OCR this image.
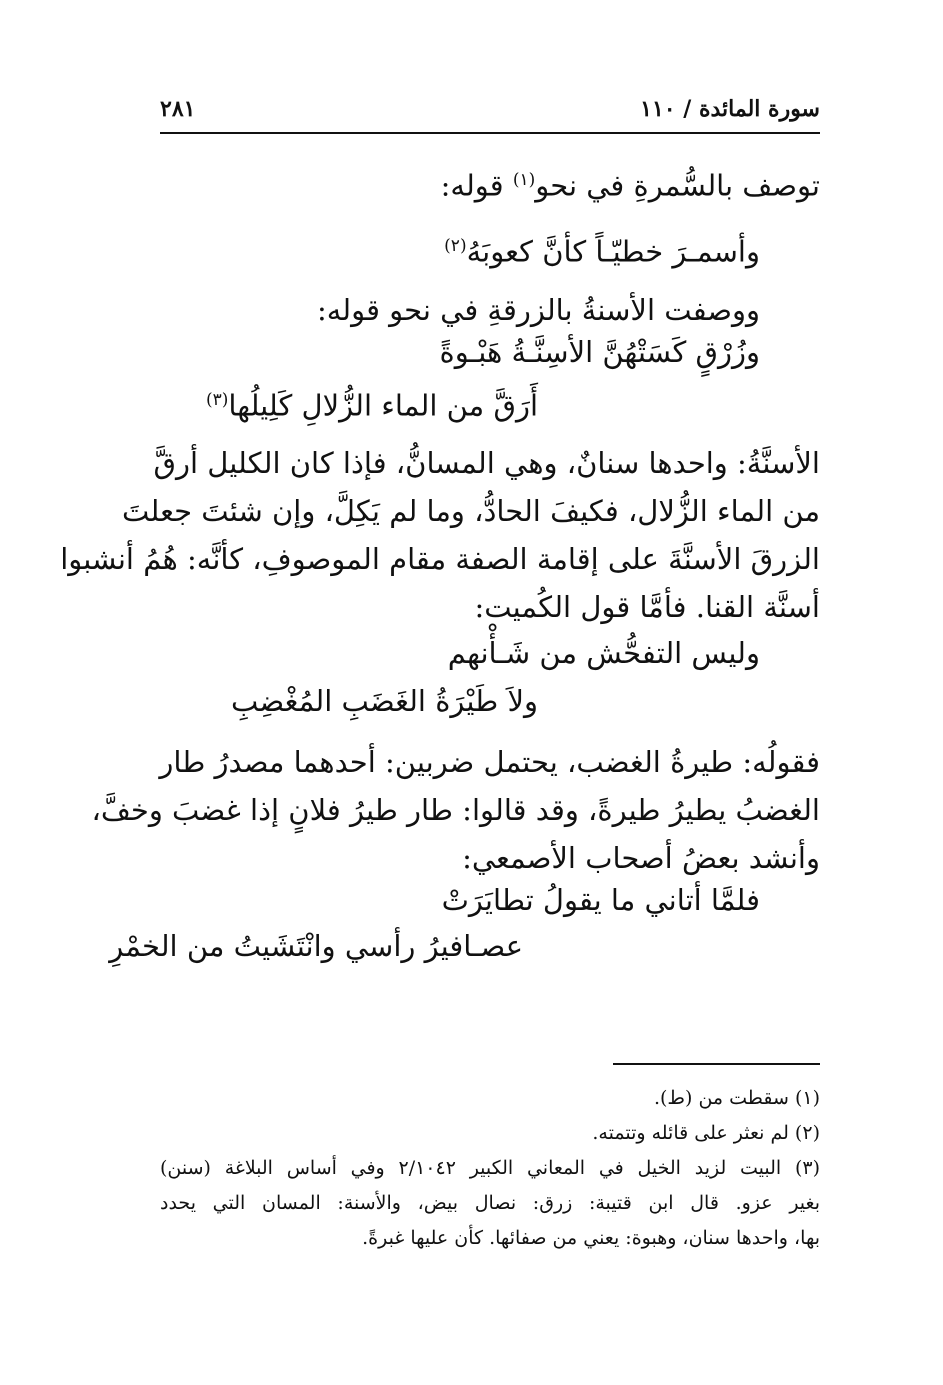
سورة المائدة / ١١٠
٢٨١
توصف بالسُّمرةِ في نحو$^{(١)}$ قوله:
وأسمـرَ خطيّـاً كأنَّ كعوبَهُ$^{(٢)}$
ووصفت الأسنةُ بالزرقةِ في نحو قوله:
وزُرْقٍ كَسَتْهُنَّ الأسِنَّـةُ هَبْـوةً
أَرَقَّ من الماء الزُّلالِ كَلِيلُها$^{(٣)}$
الأسنَّةُ: واحدها سنانٌ، وهي المسانُّ، فإذا كان الكليل أرقَّ
من الماء الزُّلال، فكيفَ الحادُّ، وما لم يَكِلَّ، وإن شئتَ جعلتَ
الزرقَ الأسنَّةَ على إقامة الصفة مقام الموصوفِ، كأنَّه: هُمُ أنشبوا
أسنَّة القنا. فأمَّا قول الكُميت:
وليس التفحُّش من شَـأْنهم
ولاَ طَيْرَةُ الغَضَبِ المُغْضِبِ
فقولُه: طيرةُ الغضب، يحتمل ضربين: أحدهما مصدرُ طار
الغضبُ يطيرُ طيرةً، وقد قالوا: طار طيرُ فلانٍ إذا غضبَ وخفَّ،
وأنشد بعضُ أصحاب الأصمعي:
فلمَّا أتاني ما يقولُ تطايَرَتْ
عصـافيرُ رأسي وانْتَشَيتُ من الخمْرِ
(١) سقطت من (ط).
(٢) لم نعثر على قائله وتتمته.
(٣) البيت لزيد الخيل في المعاني الكبير ٢/١٠٤٢ وفي أساس البلاغة (سنن)
بغير عزو. قال ابن قتيبة: زرق: نصال بيض، والأسنة: المسان التي يحدد
بها، واحدها سنان، وهبوة: يعني من صفائها. كأن عليها غبرةً.
